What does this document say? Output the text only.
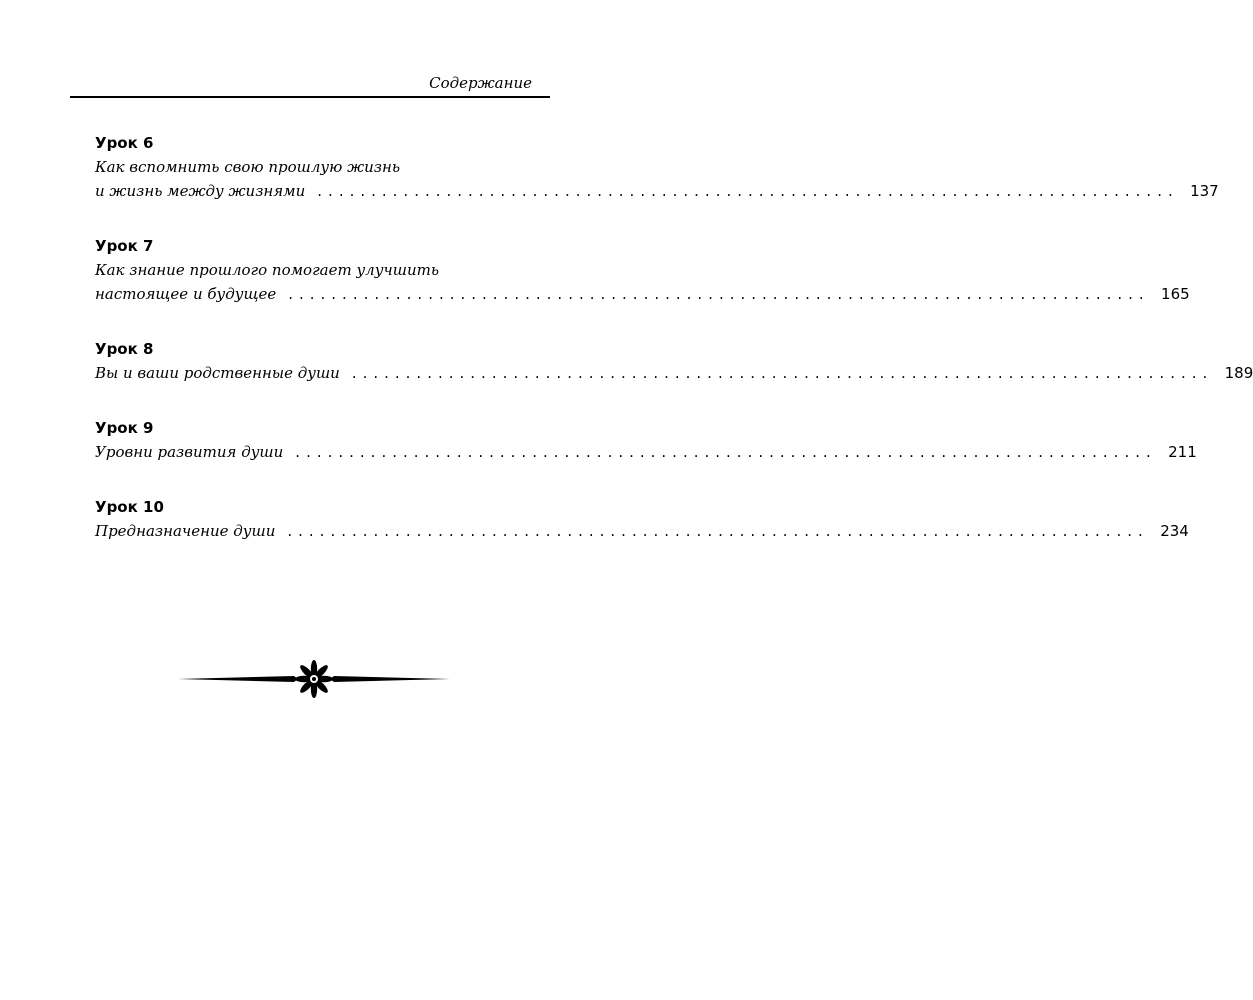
Содержание
Урок 6
Как вспомнить свою прошлую жизнь
и жизнь между жизнями ................................................................................ 137
Урок 7
Как знание прошлого помогает улучшить
настоящее и будущее ................................................................................ 165
Урок 8
Вы и ваши родственные души ................................................................................ 189
Урок 9
Уровни развития души ................................................................................ 211
Урок 10
Предназначение души ................................................................................ 234
